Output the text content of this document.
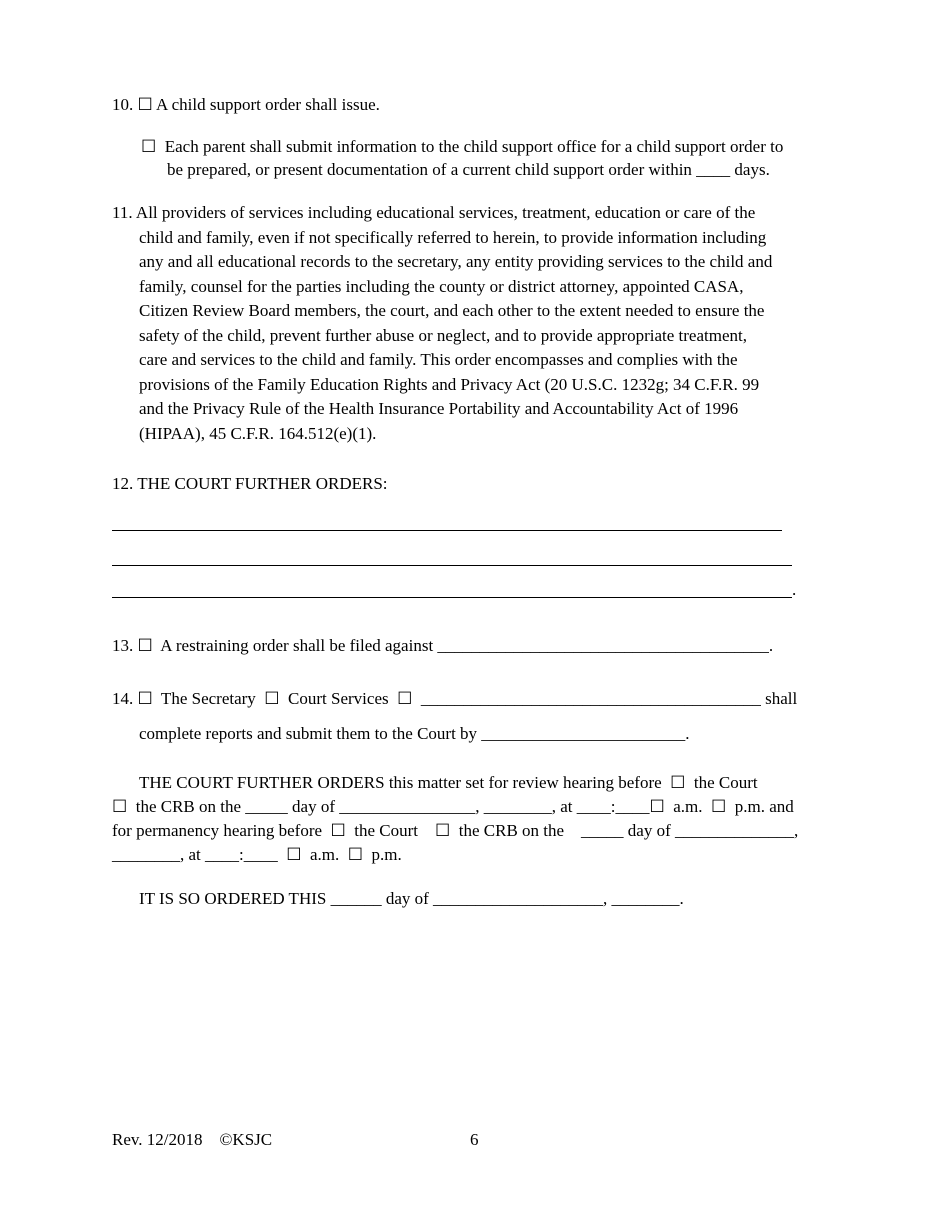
10. ☐ A child support order shall issue.
☐  Each parent shall submit information to the child support office for a child support order to
be prepared, or present documentation of a current child support order within ____ days.
11. All providers of services including educational services, treatment, education or care of the
child and family, even if not specifically referred to herein, to provide information including
any and all educational records to the secretary, any entity providing services to the child and
family, counsel for the parties including the county or district attorney, appointed CASA,
Citizen Review Board members, the court, and each other to the extent needed to ensure the
safety of the child, prevent further abuse or neglect, and to provide appropriate treatment,
care and services to the child and family. This order encompasses and complies with the
provisions of the Family Education Rights and Privacy Act (20 U.S.C. 1232g; 34 C.F.R. 99
and the Privacy Rule of the Health Insurance Portability and Accountability Act of 1996
(HIPAA), 45 C.F.R. 164.512(e)(1).
12. THE COURT FURTHER ORDERS:
.
13. ☐  A restraining order shall be filed against _______________________________________.
14. ☐  The Secretary  ☐  Court Services  ☐  ________________________________________ shall
complete reports and submit them to the Court by ________________________.
THE COURT FURTHER ORDERS this matter set for review hearing before  ☐  the Court
☐  the CRB on the _____ day of ________________, ________, at ____:____☐  a.m.  ☐  p.m. and
for permanency hearing before  ☐  the Court    ☐  the CRB on the    _____ day of ______________,
________, at ____:____  ☐  a.m.  ☐  p.m.
IT IS SO ORDERED THIS ______ day of ____________________, ________.
Rev. 12/2018    ©KSJC	6
